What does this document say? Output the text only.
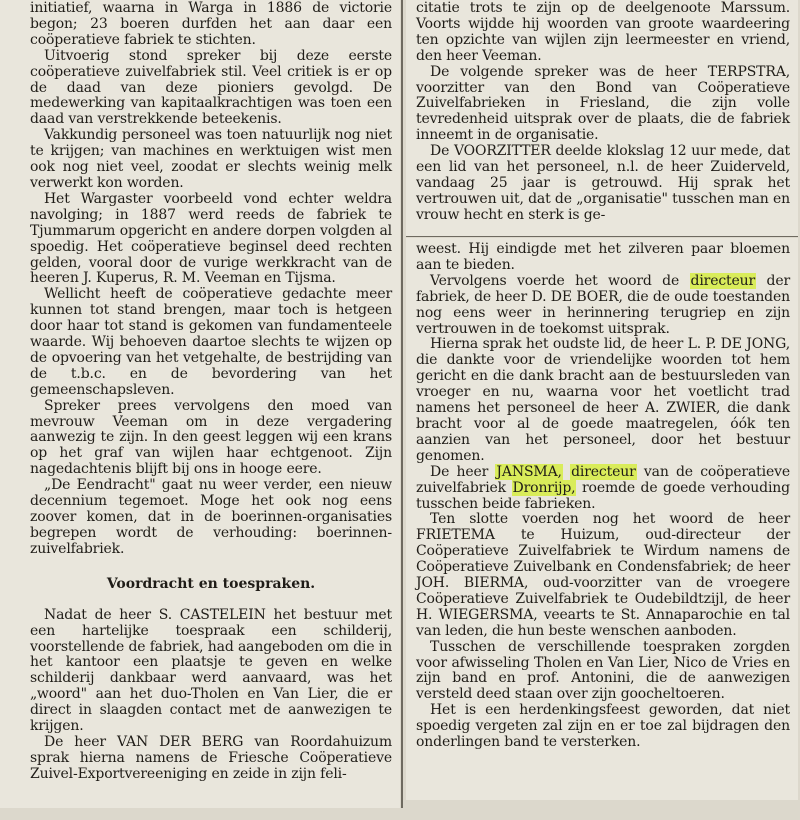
initiatief, waarna in Warga in 1886 de victorie begon; 23 boeren durfden het aan daar een coöperatieve fabriek te stichten.

Uitvoerig stond spreker bij deze eerste coöperatieve zuivelfabriek stil. Veel critiek is er op de daad van deze pioniers gevolgd. De medewerking van kapitaalkrachtigen was toen een daad van verstrekkende beteekenis.

Vakkundig personeel was toen natuurlijk nog niet te krijgen; van machines en werktuigen wist men ook nog niet veel, zoodat er slechts weinig melk verwerkt kon worden.

Het Wargaster voorbeeld vond echter weldra navolging; in 1887 werd reeds de fabriek te Tjummarum opgericht en andere dorpen volgden al spoedig. Het coöperatieve beginsel deed rechten gelden, vooral door de vurige werkkracht van de heeren J. Kuperus, R. M. Veeman en Tijsma.

Wellicht heeft de coöperatieve gedachte meer kunnen tot stand brengen, maar toch is hetgeen door haar tot stand is gekomen van fundamenteele waarde. Wij behoeven daartoe slechts te wijzen op de opvoering van het vetgehalte, de bestrijding van de t.b.c. en de bevordering van het gemeenschapsleven.

Spreker prees vervolgens den moed van mevrouw Veeman om in deze vergadering aanwezig te zijn. In den geest leggen wij een krans op het graf van wijlen haar echtgenoot. Zijn nagedachtenis blijft bij ons in hooge eere.

„De Eendracht" gaat nu weer verder, een nieuw decennium tegemoet. Moge het ook nog eens zoover komen, dat in de boerinnen-organisaties begrepen wordt de verhouding: boerinnen-zuivelfabriek.

Voordracht en toespraken.

Nadat de heer S. CASTELEIN het bestuur met een hartelijke toespraak een schilderij, voorstellende de fabriek, had aangeboden om die in het kantoor een plaatsje te geven en welke schilderij dankbaar werd aanvaard, was het „woord" aan het duo-Tholen en Van Lier, die er direct in slaagden contact met de aanwezigen te krijgen.

De heer VAN DER BERG van Roordahuizum sprak hierna namens de Friesche Coöperatieve Zuivel-Exportvereeniging en zeide in zijn feli-

citatie trots te zijn op de deelgenoote Marssum. Voorts wijdde hij woorden van groote waardeering ten opzichte van wijlen zijn leermeester en vriend, den heer Veeman.

De volgende spreker was de heer TERPSTRA, voorzitter van den Bond van Coöperatieve Zuivelfabrieken in Friesland, die zijn volle tevredenheid uitsprak over de plaats, die de fabriek inneemt in de organisatie.

De VOORZITTER deelde klokslag 12 uur mede, dat een lid van het personeel, n.l. de heer Zuiderveld, vandaag 25 jaar is getrouwd. Hij sprak het vertrouwen uit, dat de „organisatie" tusschen man en vrouw hecht en sterk is ge-

weest. Hij eindigde met het zilveren paar bloemen aan te bieden.

Vervolgens voerde het woord de directeur der fabriek, de heer D. DE BOER, die de oude toestanden nog eens weer in herinnering terugriep en zijn vertrouwen in de toekomst uitsprak.

Hierna sprak het oudste lid, de heer L. P. DE JONG, die dankte voor de vriendelijke woorden tot hem gericht en die dank bracht aan de bestuursleden van vroeger en nu, waarna voor het voetlicht trad namens het personeel de heer A. ZWIER, die dank bracht voor al de goede maatregelen, óók ten aanzien van het personeel, door het bestuur genomen.

De heer JANSMA, directeur van de coöperatieve zuivelfabriek Dronrijp, roemde de goede verhouding tusschen beide fabrieken.

Ten slotte voerden nog het woord de heer FRIETEMA te Huizum, oud-directeur der Coöperatieve Zuivelfabriek te Wirdum namens de Coöperatieve Zuivelbank en Condensfabriek; de heer JOH. BIERMA, oud-voorzitter van de vroegere Coöperatieve Zuivelfabriek te Oudebildtzijl, de heer H. WIEGERSMA, veearts te St. Annaparochie en tal van leden, die hun beste wenschen aanboden.

Tusschen de verschillende toespraken zorgden voor afwisseling Tholen en Van Lier, Nico de Vries en zijn band en prof. Antonini, die de aanwezigen versteld deed staan over zijn goocheltoeren.

Het is een herdenkingsfeest geworden, dat niet spoedig vergeten zal zijn en er toe zal bijdragen den onderlingen band te versterken.
